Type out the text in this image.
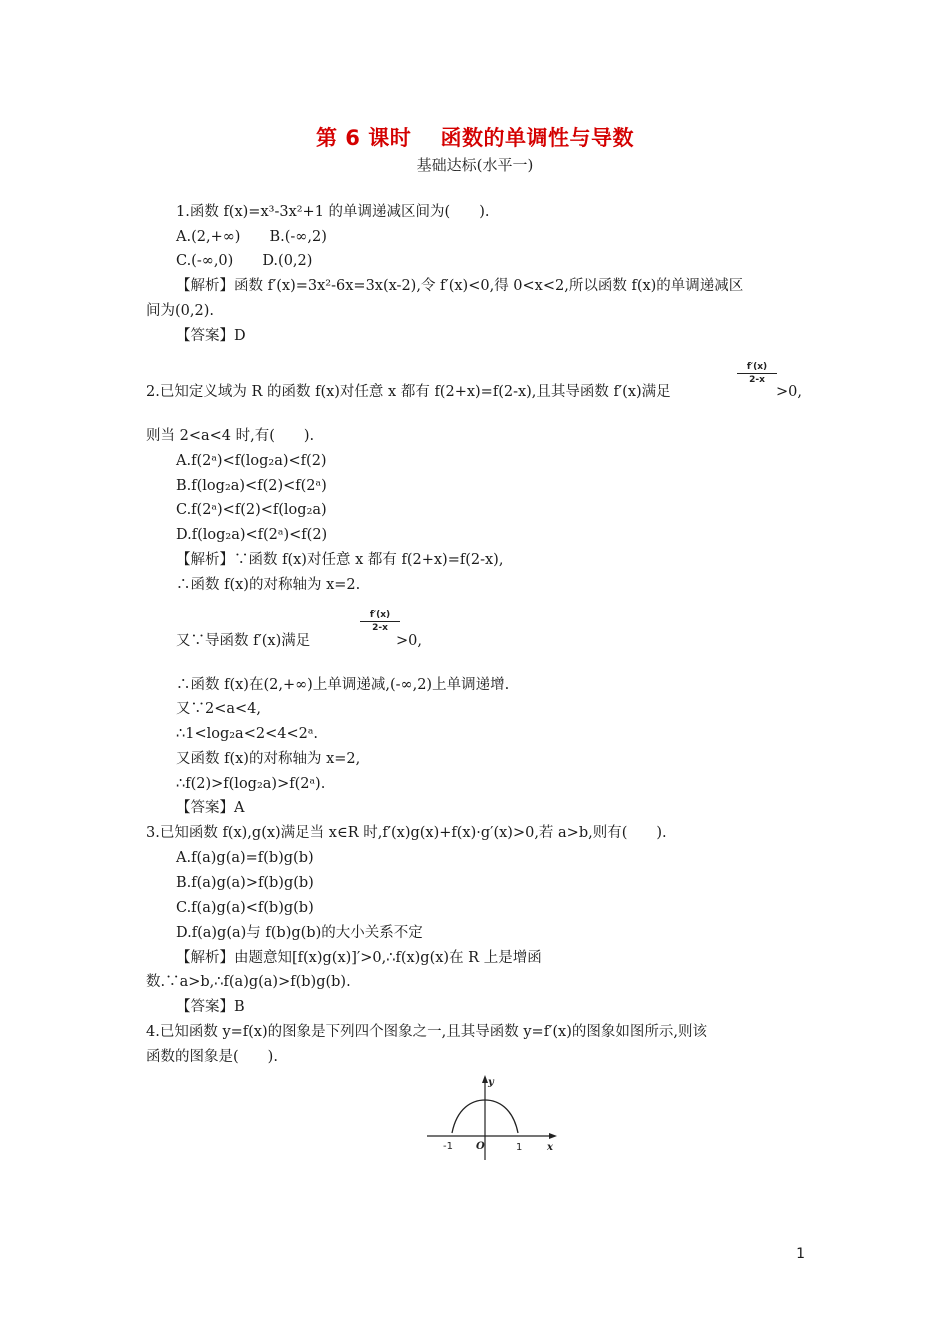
第 6 课时　 函数的单调性与导数
基础达标(水平一)
1.函数 f(x)=x³-3x²+1 的单调递减区间为(　　).
A.(2,+∞)　　B.(-∞,2)
C.(-∞,0)　　D.(0,2)
【解析】函数 f′(x)=3x²-6x=3x(x-2),令 f′(x)<0,得 0<x<2,所以函数 f(x)的单调递减区
间为(0,2).
【答案】D
2.已知定义域为 R 的函数 f(x)对任意 x 都有 f(2+x)=f(2-x),且其导函数 f′(x)满足
$\frac{f'(x)}{2-x}$
>0,
则当 2<a<4 时,有(　　).
A.f(2ᵃ)<f(log₂a)<f(2)
B.f(log₂a)<f(2)<f(2ᵃ)
C.f(2ᵃ)<f(2)<f(log₂a)
D.f(log₂a)<f(2ᵃ)<f(2)
【解析】∵函数 f(x)对任意 x 都有 f(2+x)=f(2-x),
∴函数 f(x)的对称轴为 x=2.
又∵导函数 f′(x)满足
$\frac{f'(x)}{2-x}$
>0,
∴函数 f(x)在(2,+∞)上单调递减,(-∞,2)上单调递增.
又∵2<a<4,
∴1<log₂a<2<4<2ᵃ.
又函数 f(x)的对称轴为 x=2,
∴f(2)>f(log₂a)>f(2ᵃ).
【答案】A
3.已知函数 f(x),g(x)满足当 x∈R 时,f′(x)g(x)+f(x)·g′(x)>0,若 a>b,则有(　　).
A.f(a)g(a)=f(b)g(b)
B.f(a)g(a)>f(b)g(b)
C.f(a)g(a)<f(b)g(b)
D.f(a)g(a)与 f(b)g(b)的大小关系不定
【解析】由题意知[f(x)g(x)]′>0,∴f(x)g(x)在 R 上是增函
数.∵a>b,∴f(a)g(a)>f(b)g(b).
【答案】B
4.已知函数 y=f(x)的图象是下列四个图象之一,且其导函数 y=f′(x)的图象如图所示,则该
函数的图象是(　　).
y
x
O
-1	1
1
